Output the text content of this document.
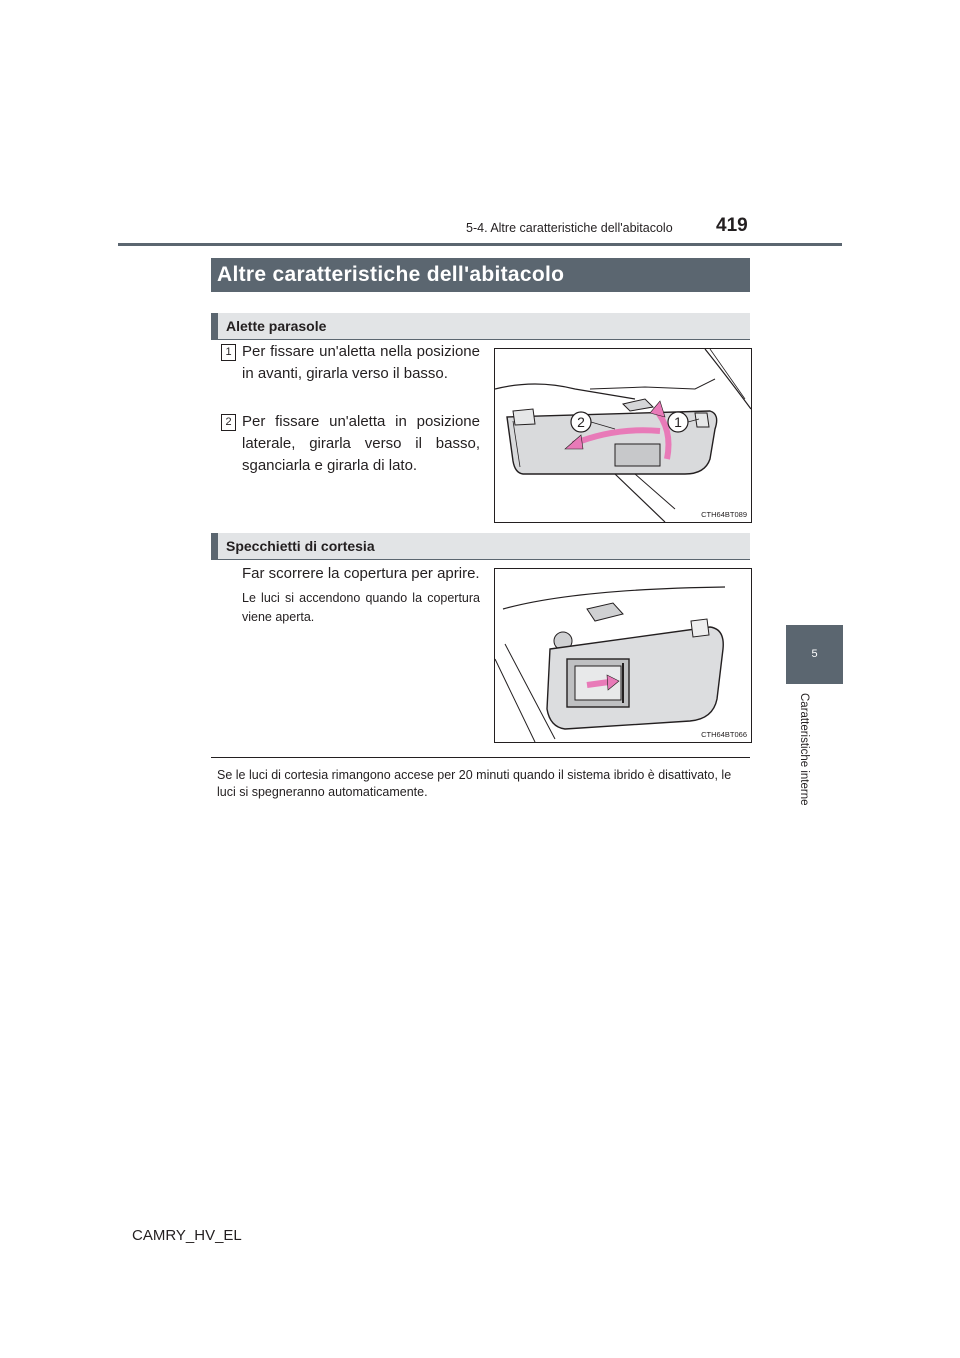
5-4. Altre caratteristiche dell'abitacolo 419
5
Caratteristiche interne
Altre caratteristiche dell'abitacolo
Alette parasole
1 Per fissare un'aletta nella posizione in avanti, girarla verso il basso.
2 Per fissare un'aletta in posizione laterale, girarla verso il basso, sganciarla e girarla di lato.
2	1
CTH64BT089
Specchietti di cortesia
Far scorrere la copertura per aprire.
Le luci si accendono quando la copertura viene aperta.
CTH64BT066
Se le luci di cortesia rimangono accese per 20 minuti quando il sistema ibrido è disattivato, le luci si spegneranno automaticamente.
CAMRY_HV_EL
